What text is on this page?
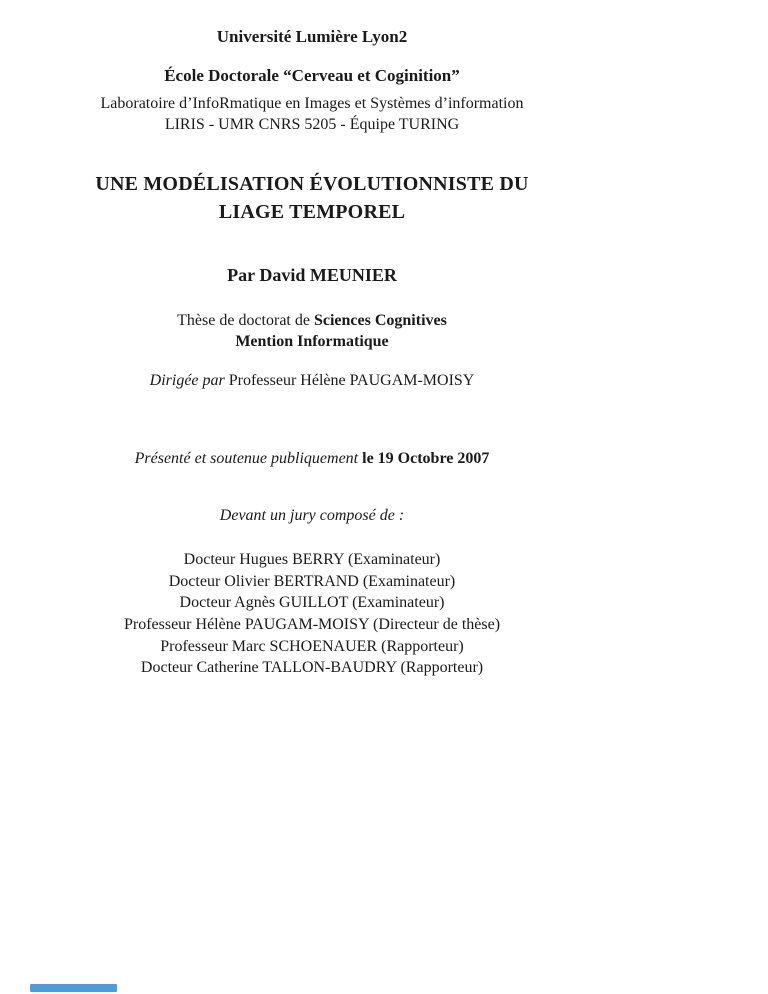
Université Lumière Lyon2
École Doctorale “Cerveau et Coginition”
Laboratoire d’InfoRmatique en Images et Systèmes d’information
LIRIS - UMR CNRS 5205 - Équipe TURING
UNE MODÉLISATION ÉVOLUTIONNISTE DU
LIAGE TEMPOREL
Par David MEUNIER
Thèse de doctorat de Sciences Cognitives
Mention Informatique
Dirigée par Professeur Hélène PAUGAM-MOISY
Présenté et soutenue publiquement le 19 Octobre 2007
Devant un jury composé de :
Docteur Hugues BERRY (Examinateur)
Docteur Olivier BERTRAND (Examinateur)
Docteur Agnès GUILLOT (Examinateur)
Professeur Hélène PAUGAM-MOISY (Directeur de thèse)
Professeur Marc SCHOENAUER (Rapporteur)
Docteur Catherine TALLON-BAUDRY (Rapporteur)
